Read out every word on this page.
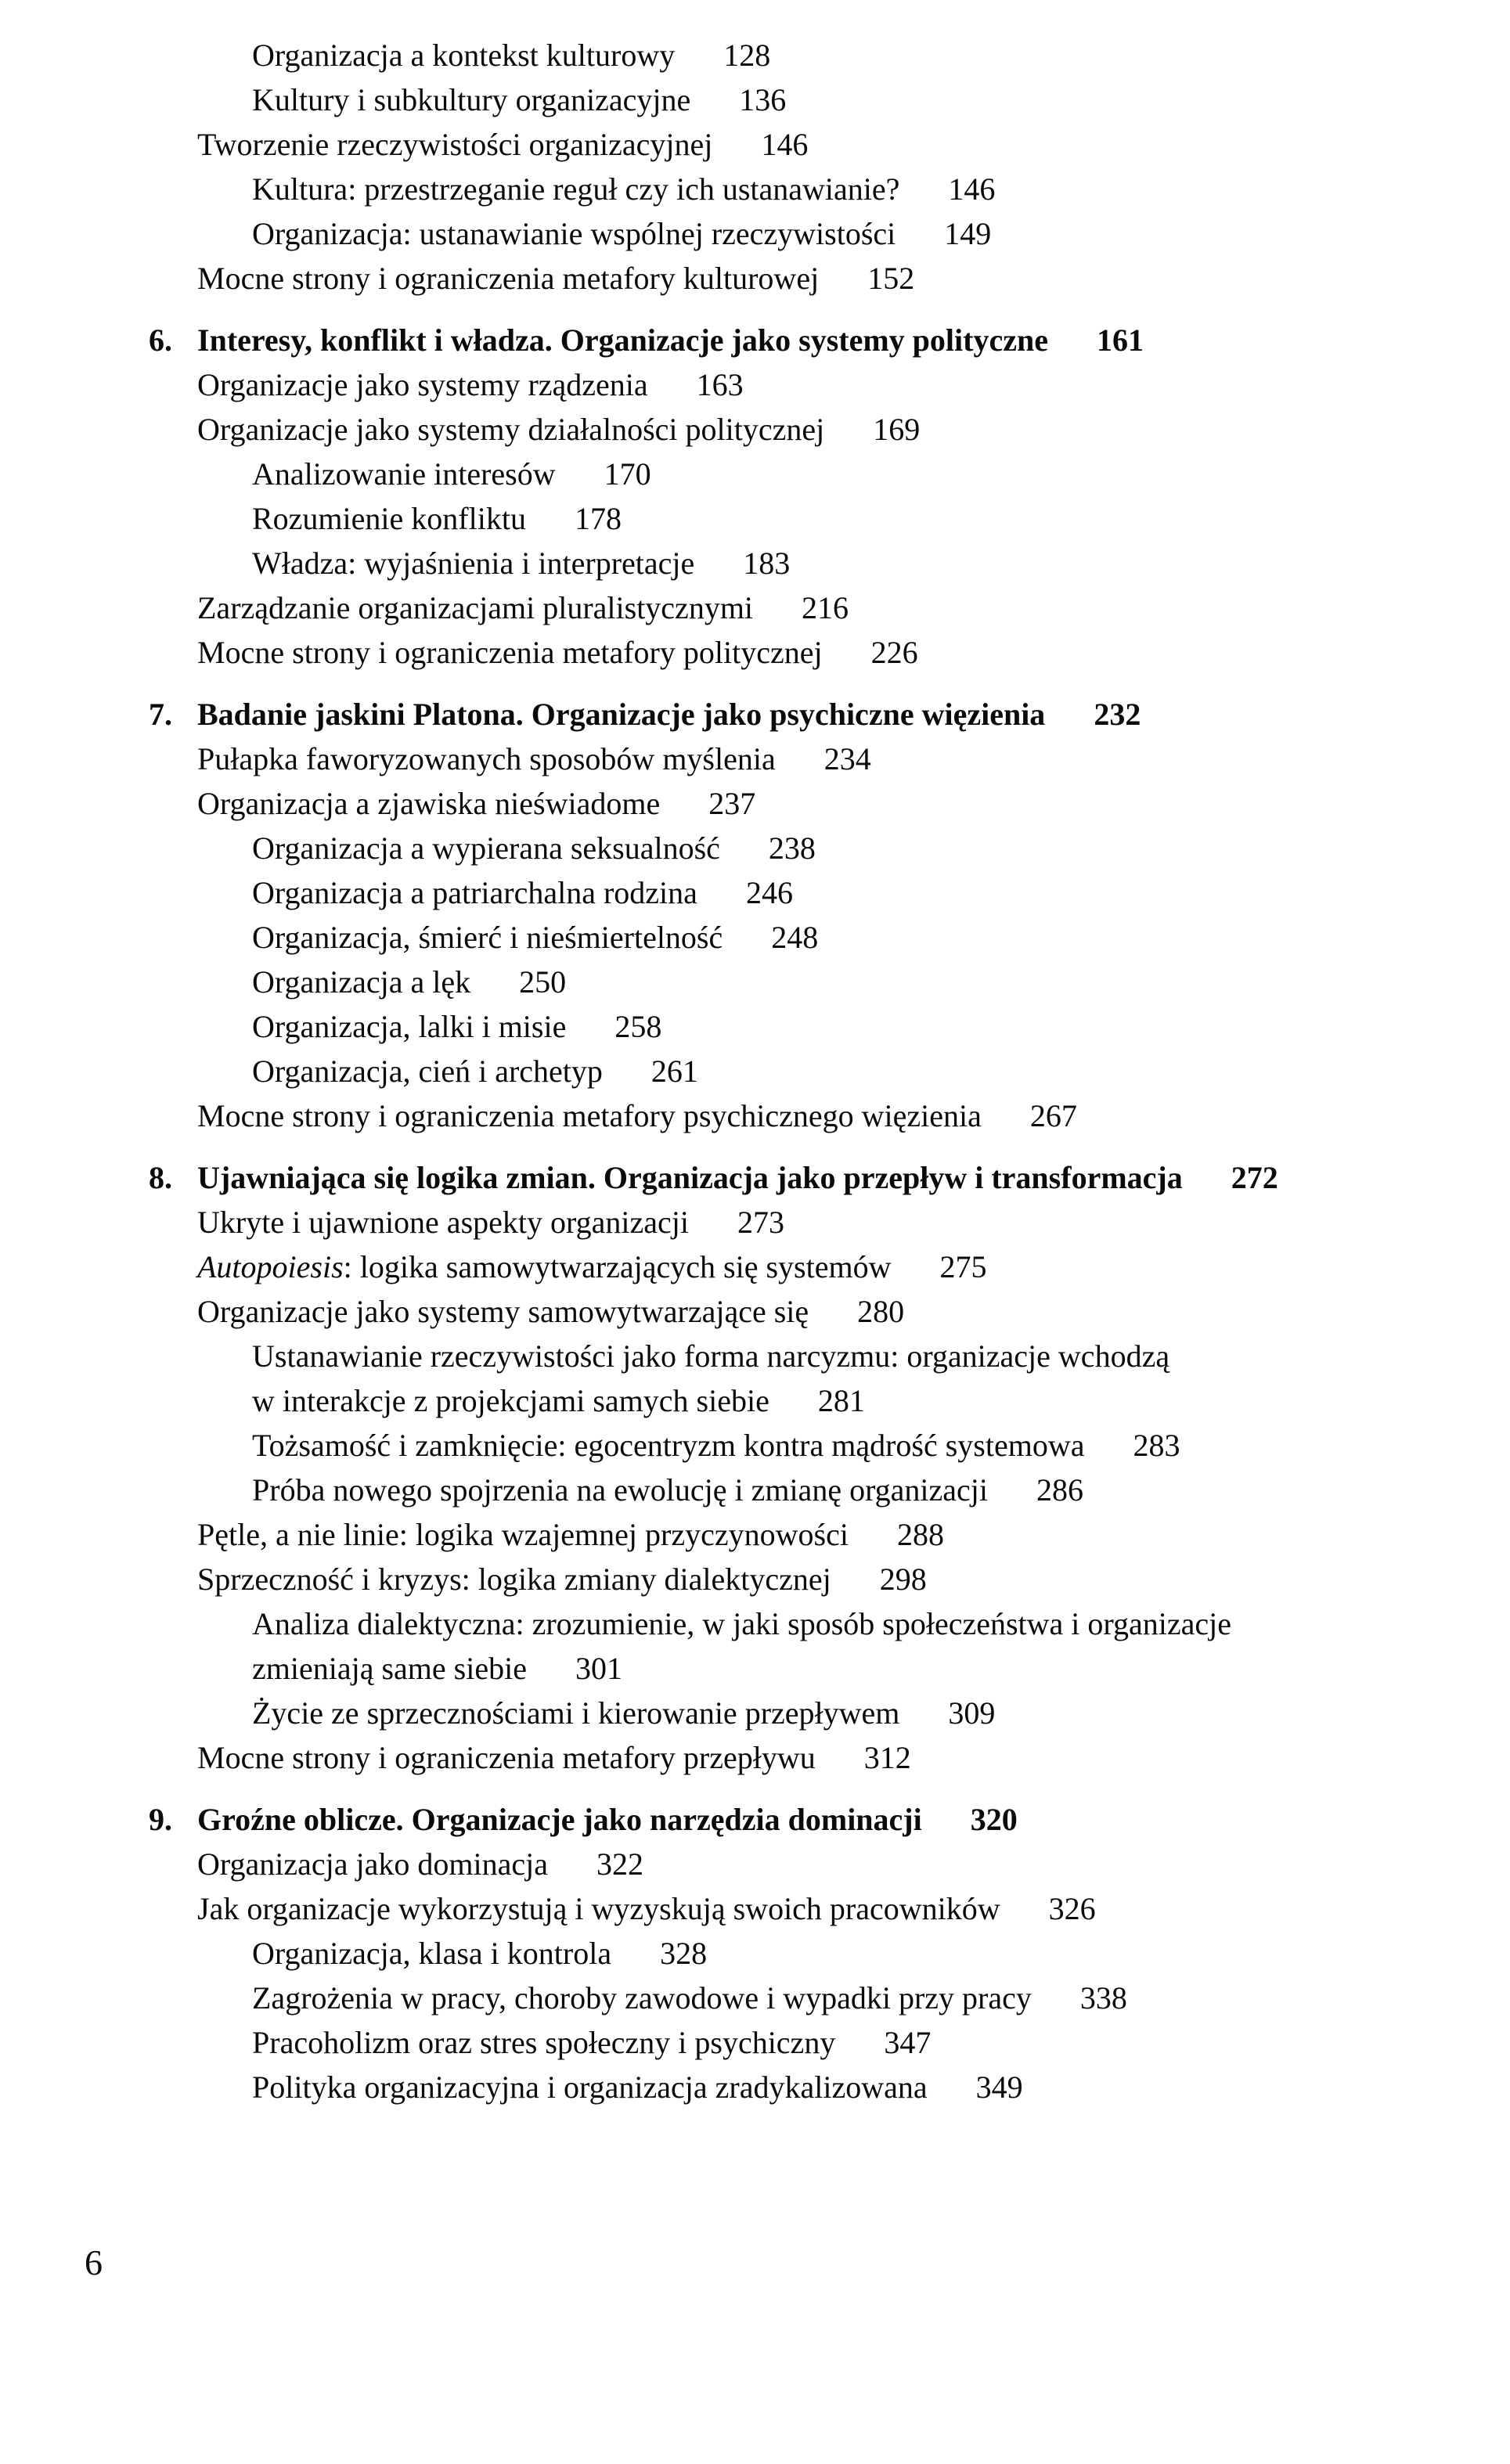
Organizacja a kontekst kulturowy 128
Kultury i subkultury organizacyjne 136
Tworzenie rzeczywistości organizacyjnej 146
Kultura: przestrzeganie reguł czy ich ustanawianie? 146
Organizacja: ustanawianie wspólnej rzeczywistości 149
Mocne strony i ograniczenia metafory kulturowej 152
6. Interesy, konflikt i władza. Organizacje jako systemy polityczne 161
Organizacje jako systemy rządzenia 163
Organizacje jako systemy działalności politycznej 169
Analizowanie interesów 170
Rozumienie konfliktu 178
Władza: wyjaśnienia i interpretacje 183
Zarządzanie organizacjami pluralistycznymi 216
Mocne strony i ograniczenia metafory politycznej 226
7. Badanie jaskini Platona. Organizacje jako psychiczne więzienia 232
Pułapka faworyzowanych sposobów myślenia 234
Organizacja a zjawiska nieświadome 237
Organizacja a wypierana seksualność 238
Organizacja a patriarchalna rodzina 246
Organizacja, śmierć i nieśmiertelność 248
Organizacja a lęk 250
Organizacja, lalki i misie 258
Organizacja, cień i archetyp 261
Mocne strony i ograniczenia metafory psychicznego więzienia 267
8. Ujawniająca się logika zmian. Organizacja jako przepływ i transformacja 272
Ukryte i ujawnione aspekty organizacji 273
Autopoiesis: logika samowytwarzających się systemów 275
Organizacje jako systemy samowytwarzające się 280
Ustanawianie rzeczywistości jako forma narcyzmu: organizacje wchodzą
w interakcje z projekcjami samych siebie 281
Tożsamość i zamknięcie: egocentryzm kontra mądrość systemowa 283
Próba nowego spojrzenia na ewolucję i zmianę organizacji 286
Pętle, a nie linie: logika wzajemnej przyczynowości 288
Sprzeczność i kryzys: logika zmiany dialektycznej 298
Analiza dialektyczna: zrozumienie, w jaki sposób społeczeństwa i organizacje
zmieniają same siebie 301
Życie ze sprzecznościami i kierowanie przepływem 309
Mocne strony i ograniczenia metafory przepływu 312
9. Groźne oblicze. Organizacje jako narzędzia dominacji 320
Organizacja jako dominacja 322
Jak organizacje wykorzystują i wyzyskują swoich pracowników 326
Organizacja, klasa i kontrola 328
Zagrożenia w pracy, choroby zawodowe i wypadki przy pracy 338
Pracoholizm oraz stres społeczny i psychiczny 347
Polityka organizacyjna i organizacja zradykalizowana 349
6
